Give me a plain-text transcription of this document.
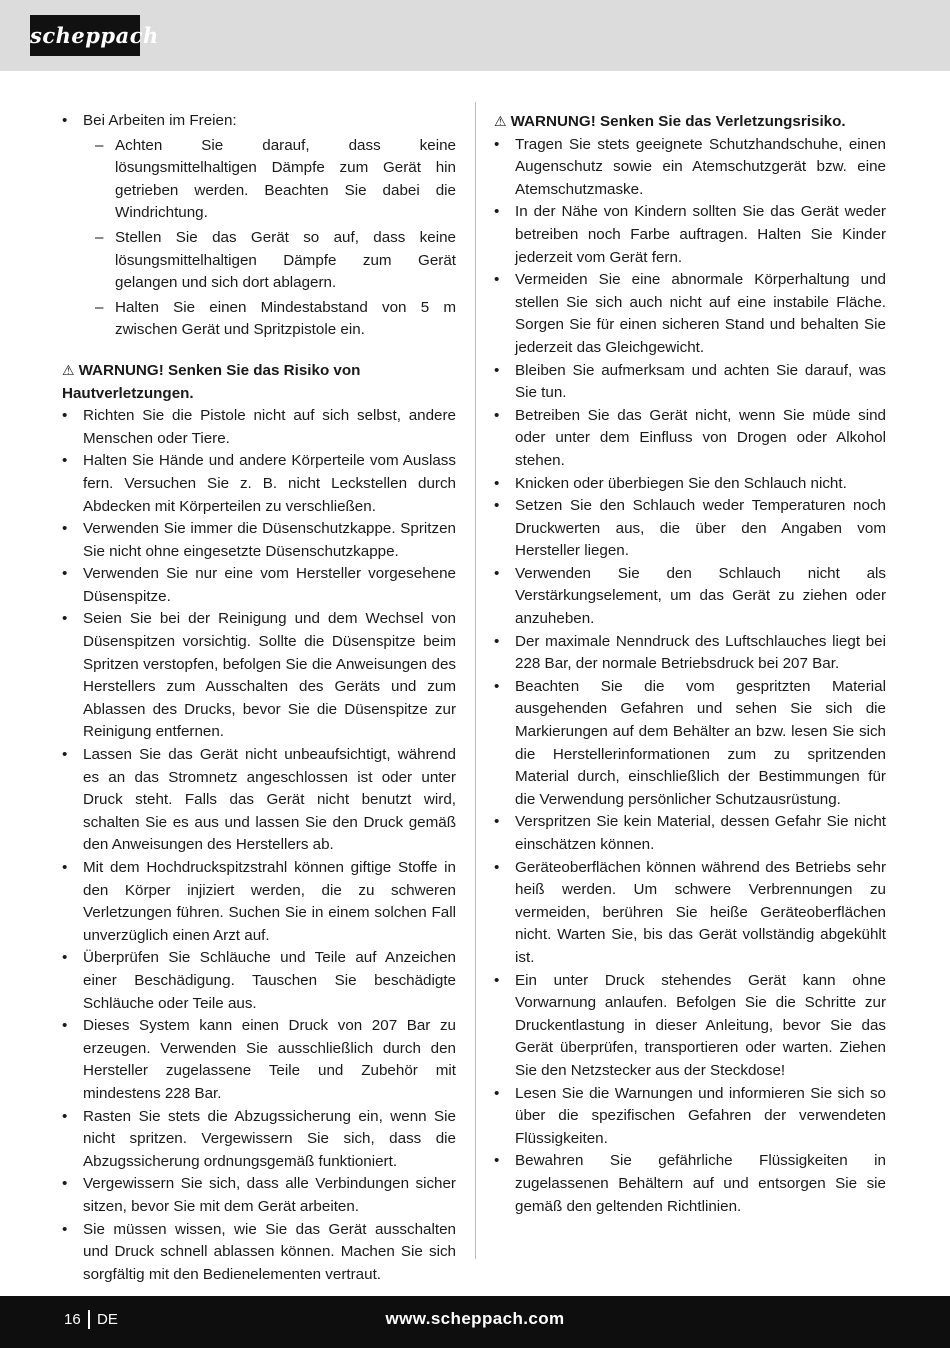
scheppach
• Bei Arbeiten im Freien:
– Achten Sie darauf, dass keine lösungsmittelhaltigen Dämpfe zum Gerät hin getrieben werden. Beachten Sie dabei die Windrichtung.
– Stellen Sie das Gerät so auf, dass keine lösungsmittelhaltigen Dämpfe zum Gerät gelangen und sich dort ablagern.
– Halten Sie einen Mindestabstand von 5 m zwischen Gerät und Spritzpistole ein.
⚠ WARNUNG! Senken Sie das Risiko von Hautverletzungen.
• Richten Sie die Pistole nicht auf sich selbst, andere Menschen oder Tiere.
• Halten Sie Hände und andere Körperteile vom Auslass fern. Versuchen Sie z. B. nicht Leckstellen durch Abdecken mit Körperteilen zu verschließen.
• Verwenden Sie immer die Düsenschutzkappe. Spritzen Sie nicht ohne eingesetzte Düsenschutzkappe.
• Verwenden Sie nur eine vom Hersteller vorgesehene Düsenspitze.
• Seien Sie bei der Reinigung und dem Wechsel von Düsenspitzen vorsichtig. Sollte die Düsenspitze beim Spritzen verstopfen, befolgen Sie die Anweisungen des Herstellers zum Ausschalten des Geräts und zum Ablassen des Drucks, bevor Sie die Düsenspitze zur Reinigung entfernen.
• Lassen Sie das Gerät nicht unbeaufsichtigt, während es an das Stromnetz angeschlossen ist oder unter Druck steht. Falls das Gerät nicht benutzt wird, schalten Sie es aus und lassen Sie den Druck gemäß den Anweisungen des Herstellers ab.
• Mit dem Hochdruckspitzstrahl können giftige Stoffe in den Körper injiziert werden, die zu schweren Verletzungen führen. Suchen Sie in einem solchen Fall unverzüglich einen Arzt auf.
• Überprüfen Sie Schläuche und Teile auf Anzeichen einer Beschädigung. Tauschen Sie beschädigte Schläuche oder Teile aus.
• Dieses System kann einen Druck von 207 Bar zu erzeugen. Verwenden Sie ausschließlich durch den Hersteller zugelassene Teile und Zubehör mit mindestens 228 Bar.
• Rasten Sie stets die Abzugssicherung ein, wenn Sie nicht spritzen. Vergewissern Sie sich, dass die Abzugssicherung ordnungsgemäß funktioniert.
• Vergewissern Sie sich, dass alle Verbindungen sicher sitzen, bevor Sie mit dem Gerät arbeiten.
• Sie müssen wissen, wie Sie das Gerät ausschalten und Druck schnell ablassen können. Machen Sie sich sorgfältig mit den Bedienelementen vertraut.
⚠ WARNUNG! Senken Sie das Verletzungsrisiko.
• Tragen Sie stets geeignete Schutzhandschuhe, einen Augenschutz sowie ein Atemschutzgerät bzw. eine Atemschutzmaske.
• In der Nähe von Kindern sollten Sie das Gerät weder betreiben noch Farbe auftragen. Halten Sie Kinder jederzeit vom Gerät fern.
• Vermeiden Sie eine abnormale Körperhaltung und stellen Sie sich auch nicht auf eine instabile Fläche. Sorgen Sie für einen sicheren Stand und behalten Sie jederzeit das Gleichgewicht.
• Bleiben Sie aufmerksam und achten Sie darauf, was Sie tun.
• Betreiben Sie das Gerät nicht, wenn Sie müde sind oder unter dem Einfluss von Drogen oder Alkohol stehen.
• Knicken oder überbiegen Sie den Schlauch nicht.
• Setzen Sie den Schlauch weder Temperaturen noch Druckwerten aus, die über den Angaben vom Hersteller liegen.
• Verwenden Sie den Schlauch nicht als Verstärkungselement, um das Gerät zu ziehen oder anzuheben.
• Der maximale Nenndruck des Luftschlauches liegt bei 228 Bar, der normale Betriebsdruck bei 207 Bar.
• Beachten Sie die vom gespritzten Material ausgehenden Gefahren und sehen Sie sich die Markierungen auf dem Behälter an bzw. lesen Sie sich die Herstellerinformationen zum zu spritzenden Material durch, einschließlich der Bestimmungen für die Verwendung persönlicher Schutzausrüstung.
• Verspritzen Sie kein Material, dessen Gefahr Sie nicht einschätzen können.
• Geräteoberflächen können während des Betriebs sehr heiß werden. Um schwere Verbrennungen zu vermeiden, berühren Sie heiße Geräteoberflächen nicht. Warten Sie, bis das Gerät vollständig abgekühlt ist.
• Ein unter Druck stehendes Gerät kann ohne Vorwarnung anlaufen. Befolgen Sie die Schritte zur Druckentlastung in dieser Anleitung, bevor Sie das Gerät überprüfen, transportieren oder warten. Ziehen Sie den Netzstecker aus der Steckdose!
• Lesen Sie die Warnungen und informieren Sie sich so über die spezifischen Gefahren der verwendeten Flüssigkeiten.
• Bewahren Sie gefährliche Flüssigkeiten in zugelassenen Behältern auf und entsorgen Sie sie gemäß den geltenden Richtlinien.
16 DE	www.scheppach.com
